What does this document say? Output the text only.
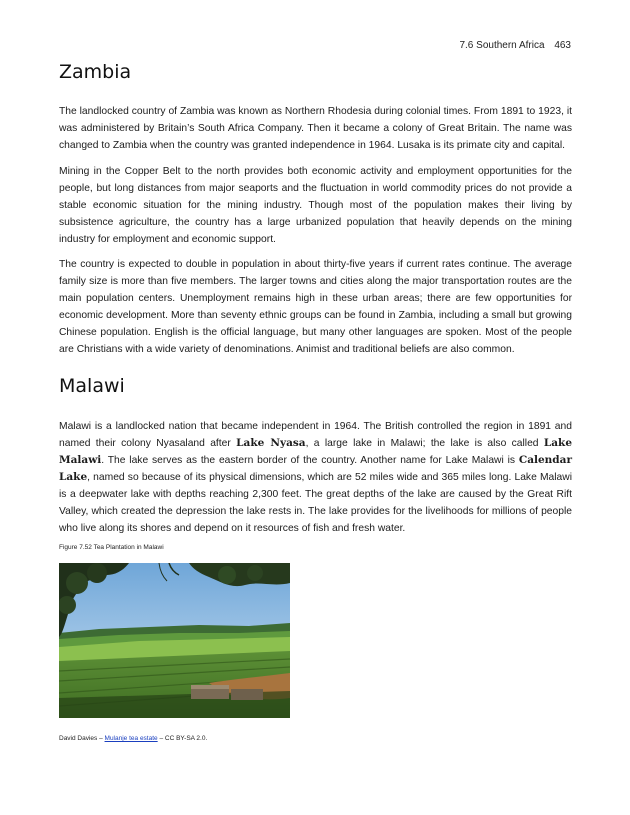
7.6 Southern Africa 463
Zambia

The landlocked country of Zambia was known as Northern Rhodesia during colonial times. From 1891 to 1923, it was administered by Britain’s South Africa Company. Then it became a colony of Great Britain. The name was changed to Zambia when the country was granted independence in 1964. Lusaka is its primate city and capital.

Mining in the Copper Belt to the north provides both economic activity and employment opportunities for the people, but long distances from major seaports and the fluctuation in world commodity prices do not provide a stable economic situation for the mining industry. Though most of the population makes their living by subsistence agriculture, the country has a large urbanized population that heavily depends on the mining industry for employment and economic support.

The country is expected to double in population in about thirty-five years if current rates continue. The average family size is more than five members. The larger towns and cities along the major transportation routes are the main population centers. Unemployment remains high in these urban areas; there are few opportunities for economic development. More than seventy ethnic groups can be found in Zambia, including a small but growing Chinese population. English is the official language, but many other languages are spoken. Most of the people are Christians with a wide variety of denominations. Animist and traditional beliefs are also common.

Malawi

Malawi is a landlocked nation that became independent in 1964. The British controlled the region in 1891 and named their colony Nyasaland after Lake Nyasa, a large lake in Malawi; the lake is also called Lake Malawi. The lake serves as the eastern border of the country. Another name for Lake Malawi is Calendar Lake, named so because of its physical dimensions, which are 52 miles wide and 365 miles long. Lake Malawi is a deepwater lake with depths reaching 2,300 feet. The great depths of the lake are caused by the Great Rift Valley, which created the depression the lake rests in. The lake provides for the livelihoods for millions of people who live along its shores and depend on it resources of fish and fresh water.

Figure 7.52 Tea Plantation in Malawi
David Davies – Mulanje tea estate – CC BY-SA 2.0.
